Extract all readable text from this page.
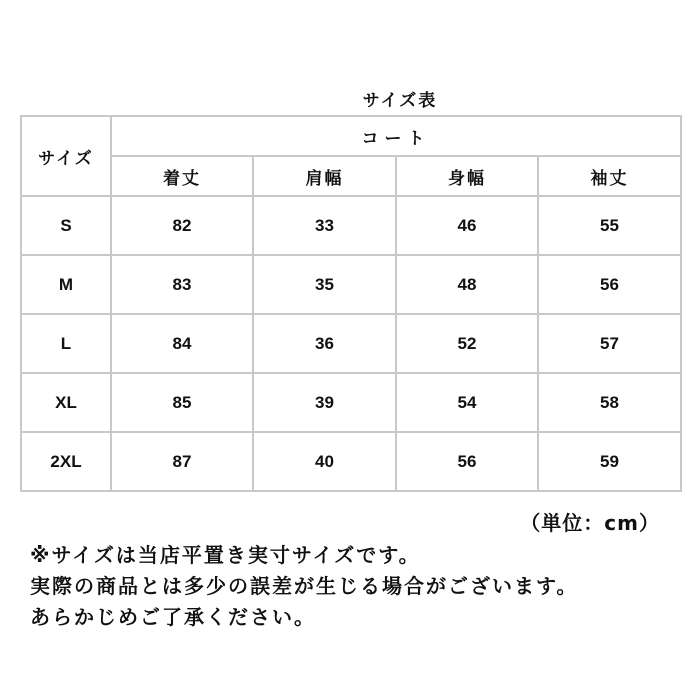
サイズ表
サイズ	コート			
	着丈	肩幅	身幅	袖丈
S	82	33	46	55
M	83	35	48	56
L	84	36	52	57
XL	85	39	54	58
2XL	87	40	56	59
（単位：cm）
※サイズは当店平置き実寸サイズです。
実際の商品とは多少の誤差が生じる場合がございます。
あらかじめご了承ください。
